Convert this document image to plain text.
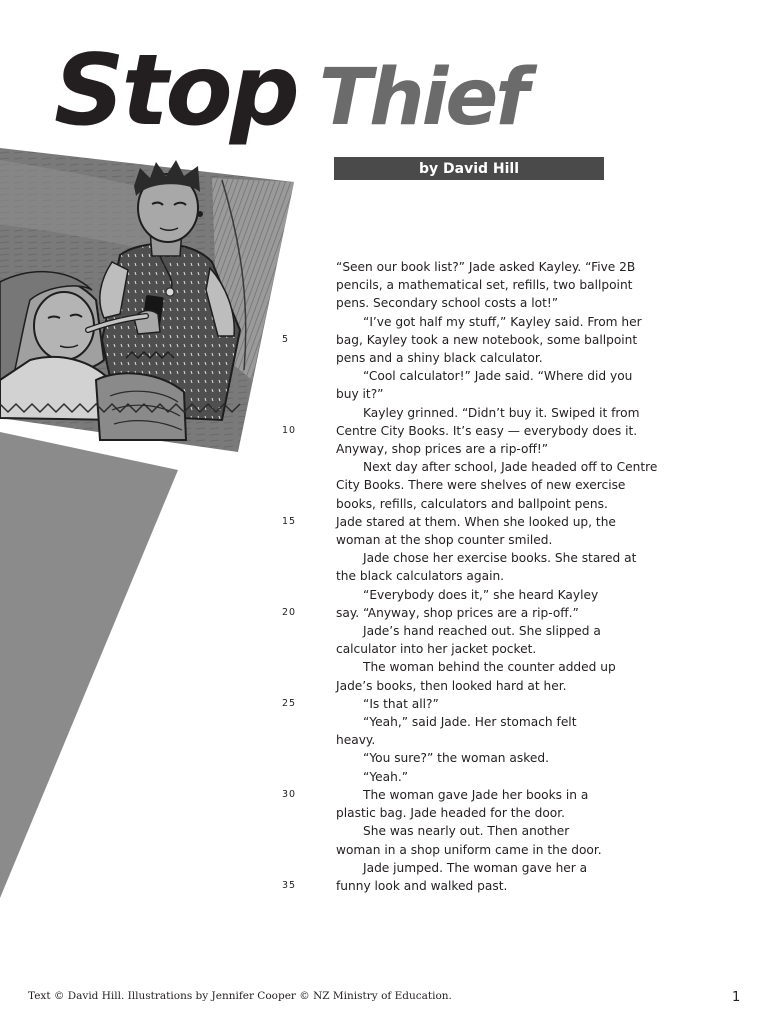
Stop Thief
by David Hill
5
10
15
20
25
30
35

“Seen our book list?” Jade asked Kayley. “Five 2B

pencils, a mathematical set, refills, two ballpoint

pens. Secondary school costs a lot!”

“I’ve got half my stuff,” Kayley said. From her

bag, Kayley took a new notebook, some ballpoint

pens and a shiny black calculator.

“Cool calculator!” Jade said. “Where did you

buy it?”

Kayley grinned. “Didn’t buy it. Swiped it from

Centre City Books. It’s easy — everybody does it.

Anyway, shop prices are a rip-off!”

Next day after school, Jade headed off to Centre

City Books. There were shelves of new exercise

books, refills, calculators and ballpoint pens.

Jade stared at them. When she looked up, the

woman at the shop counter smiled.

Jade chose her exercise books. She stared at

the black calculators again.

“Everybody does it,” she heard Kayley

say. “Anyway, shop prices are a rip-off.”

Jade’s hand reached out. She slipped a

calculator into her jacket pocket.

The woman behind the counter added up

Jade’s books, then looked hard at her.

“Is that all?”

“Yeah,” said Jade. Her stomach felt

heavy.

“You sure?” the woman asked.

“Yeah.”

The woman gave Jade her books in a

plastic bag. Jade headed for the door.

She was nearly out. Then another

woman in a shop uniform came in the door.

Jade jumped. The woman gave her a

funny look and walked past.

Text © David Hill. Illustrations by Jennifer Cooper © NZ Ministry of Education.	1
